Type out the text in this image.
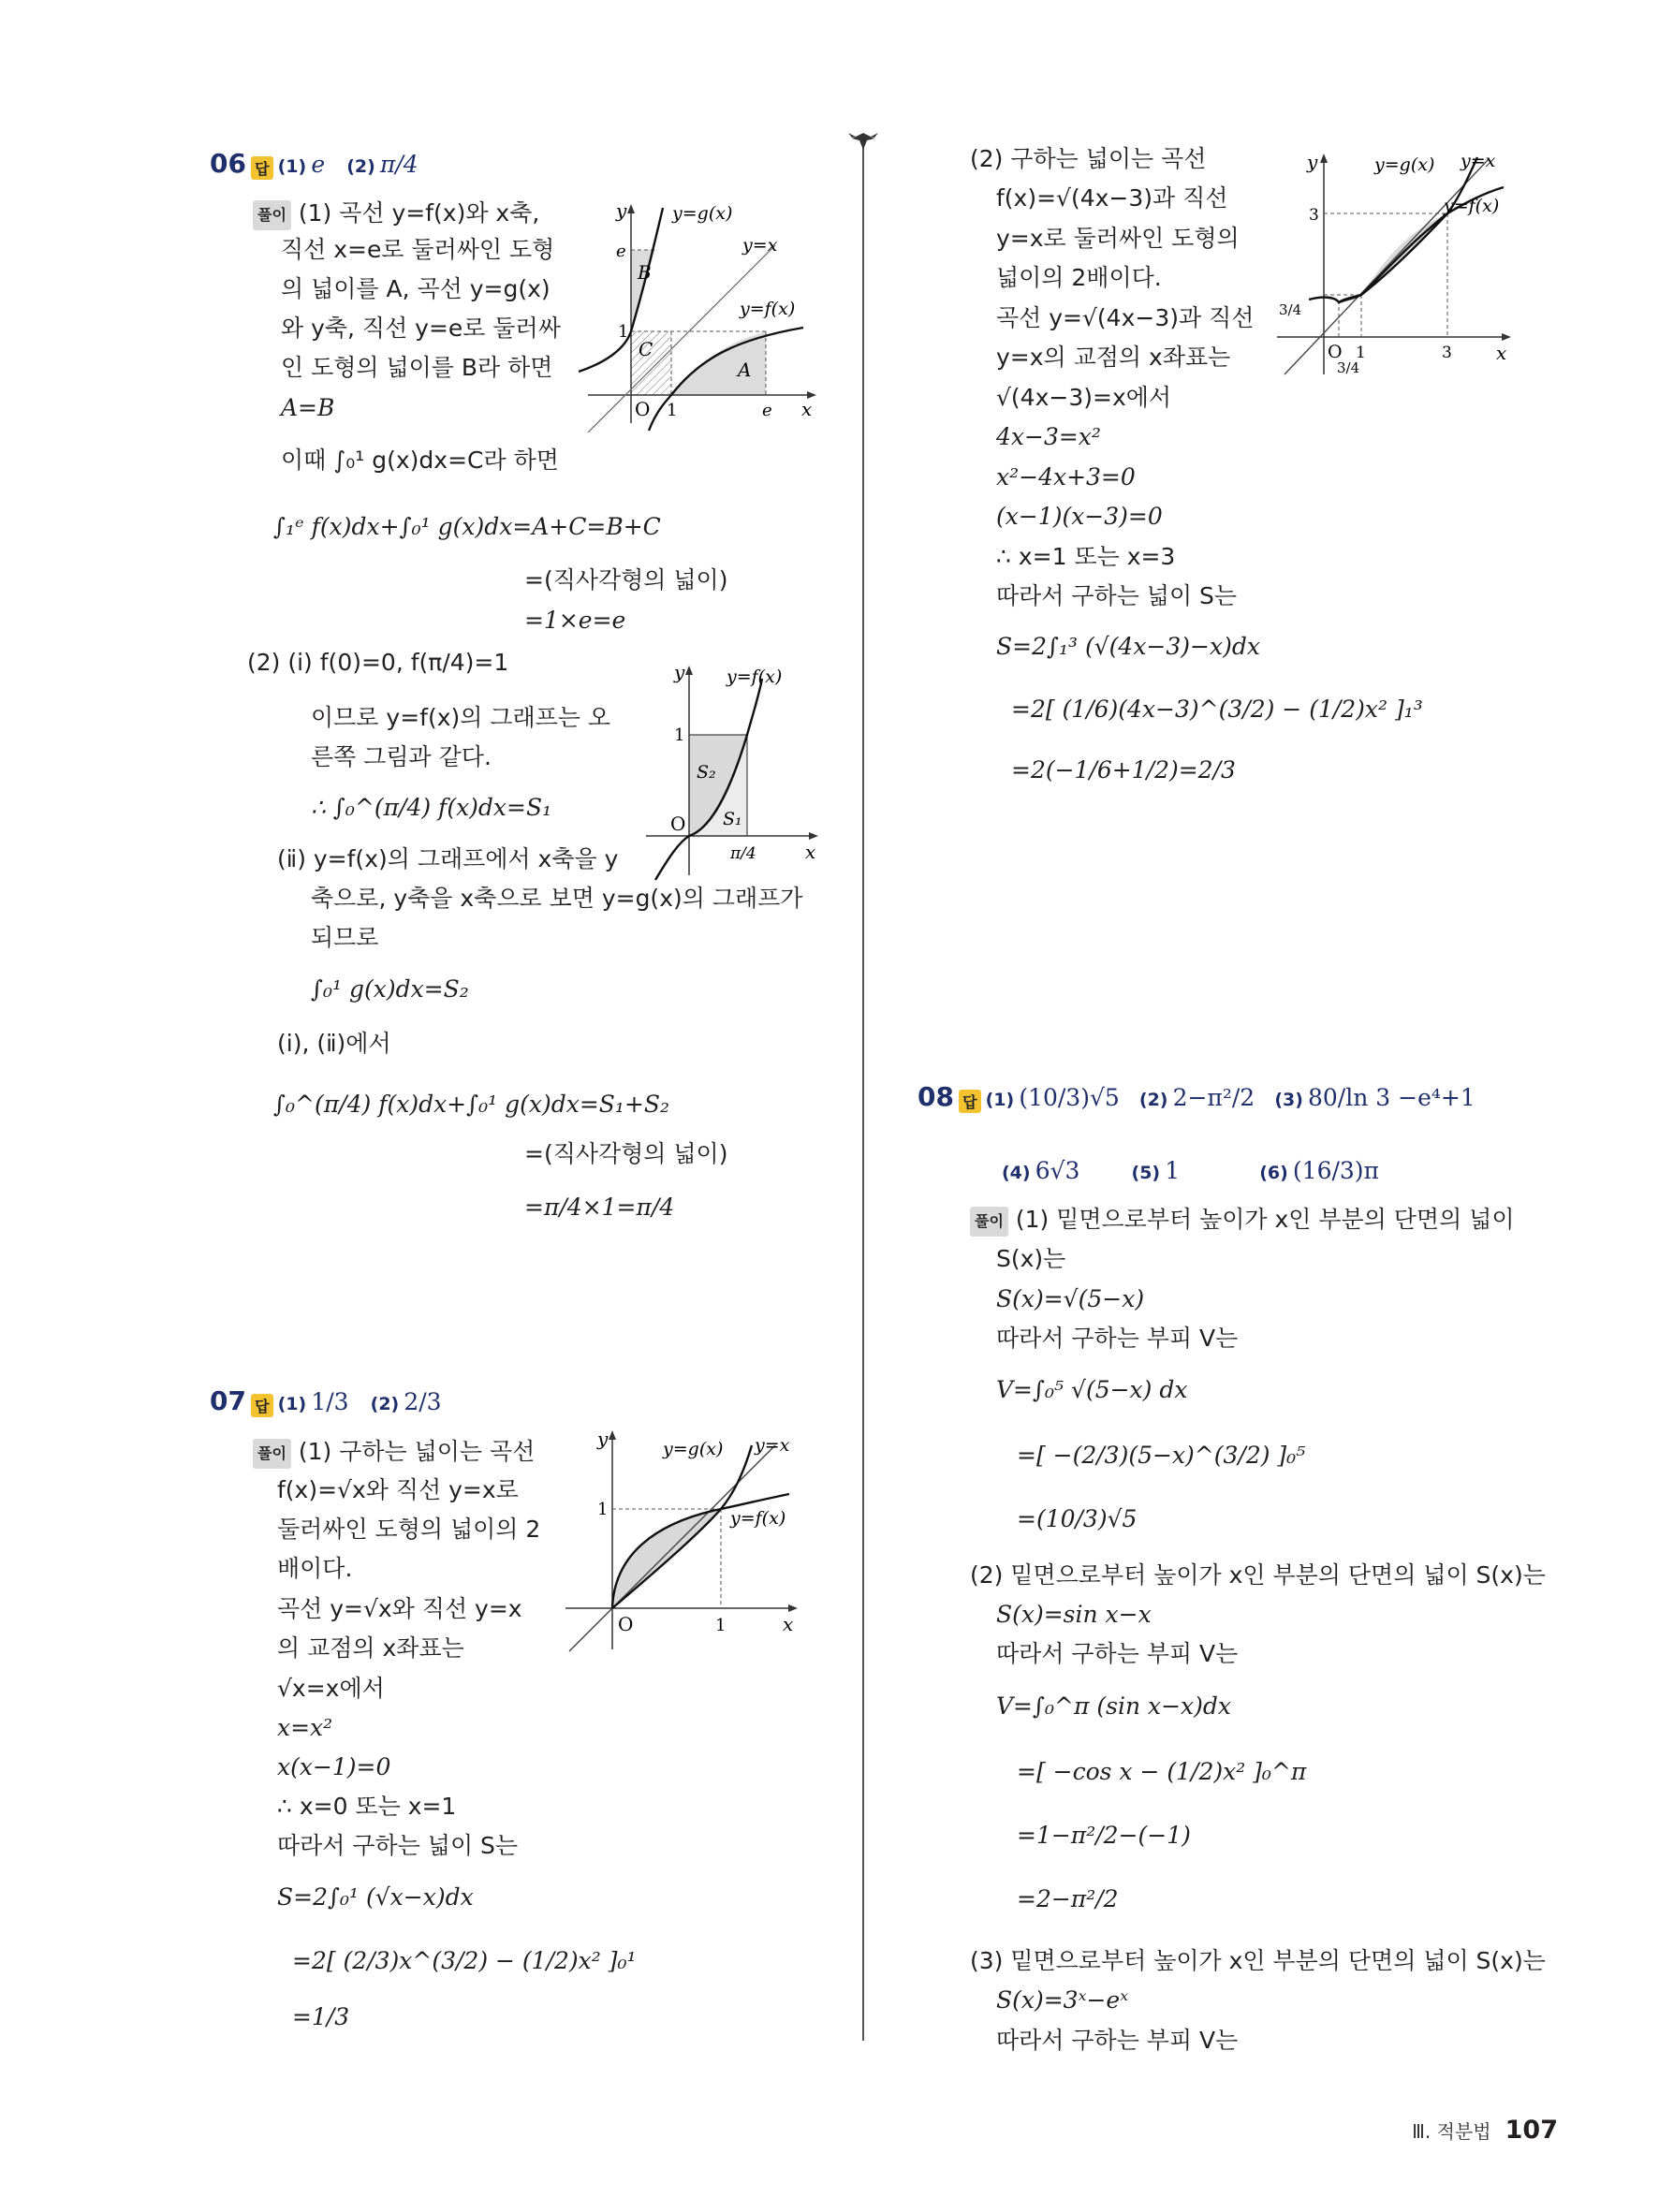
06 답 (1) e (2) π/4
풀이 (1) 곡선 y=f(x)와 x축,
직선 x=e로 둘러싸인 도형
의 넓이를 A, 곡선 y=g(x)
와 y축, 직선 y=e로 둘러싸
인 도형의 넓이를 B라 하면
A=B
이때 ∫₀¹ g(x)dx=C라 하면
∫₁ᵉ f(x)dx+∫₀¹ g(x)dx=A+C=B+C
=(직사각형의 넓이)
=1×e=e
y
x
O 1	e
e
1
y=g(x)
y=x
y=f(x)
A
B
C
(2) (ⅰ) f(0)=0, f(π/4)=1
이므로 y=f(x)의 그래프는 오
른쪽 그림과 같다.
∴ ∫₀^(π/4) f(x)dx=S₁
(ⅱ) y=f(x)의 그래프에서 x축을 y
축으로, y축을 x축으로 보면 y=g(x)의 그래프가
되므로
∫₀¹ g(x)dx=S₂
(ⅰ), (ⅱ)에서
∫₀^(π/4) f(x)dx+∫₀¹ g(x)dx=S₁+S₂
=(직사각형의 넓이)
=π/4×1=π/4
y
x
O
1
π/4
y=f(x)
S₁
S₂
07 답 (1) 1/3 (2) 2/3
풀이 (1) 구하는 넓이는 곡선
f(x)=√x와 직선 y=x로
둘러싸인 도형의 넓이의 2
배이다.
곡선 y=√x와 직선 y=x
의 교점의 x좌표는
√x=x에서
x=x²
x(x−1)=0
∴ x=0 또는 x=1
따라서 구하는 넓이 S는
S=2∫₀¹ (√x−x)dx
=2[ (2/3)x^(3/2) − (1/2)x² ]₀¹
=1/3
y
x
O	1
1
y=g(x) y=x
y=f(x)
(2) 구하는 넓이는 곡선
f(x)=√(4x−3)과 직선
y=x로 둘러싸인 도형의
넓이의 2배이다.
곡선 y=√(4x−3)과 직선
y=x의 교점의 x좌표는
√(4x−3)=x에서
4x−3=x²
x²−4x+3=0
(x−1)(x−3)=0
∴ x=1 또는 x=3
따라서 구하는 넓이 S는
S=2∫₁³ (√(4x−3)−x)dx
=2[ (1/6)(4x−3)^(3/2) − (1/2)x² ]₁³
=2(−1/6+1/2)=2/3
y
x
O 1	3
3
3/4
3/4
y=g(x) y=x
y=f(x)
08 답 (1) (10/3)√5 (2) 2−π²/2 (3) 80/ln 3 −e⁴+1
(4) 6√3	(5) 1	(6) (16/3)π
풀이 (1) 밑면으로부터 높이가 x인 부분의 단면의 넓이
S(x)는
S(x)=√(5−x)
따라서 구하는 부피 V는
V=∫₀⁵ √(5−x) dx
=[ −(2/3)(5−x)^(3/2) ]₀⁵
=(10/3)√5
(2) 밑면으로부터 높이가 x인 부분의 단면의 넓이 S(x)는
S(x)=sin x−x
따라서 구하는 부피 V는
V=∫₀^π (sin x−x)dx
=[ −cos x − (1/2)x² ]₀^π
=1−π²/2−(−1)
=2−π²/2
(3) 밑면으로부터 높이가 x인 부분의 단면의 넓이 S(x)는
S(x)=3ˣ−eˣ
따라서 구하는 부피 V는
Ⅲ. 적분법 107
